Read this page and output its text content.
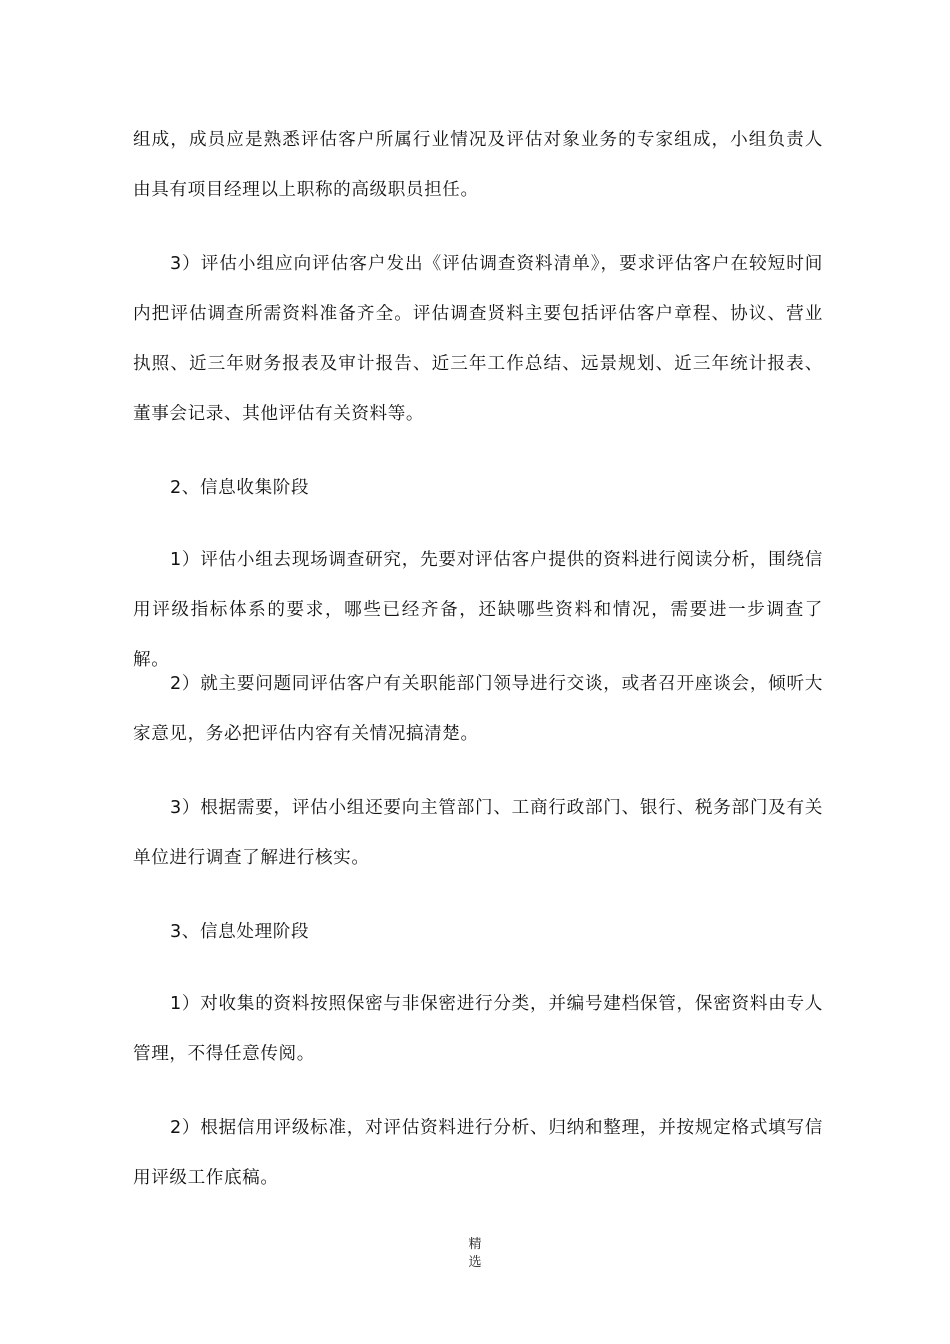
组成，成员应是熟悉评估客户所属行业情况及评估对象业务的专家组成，小组负责人由具有项目经理以上职称的高级职员担任。

3）评估小组应向评估客户发出《评估调查资料清单》，要求评估客户在较短时间内把评估调查所需资料准备齐全。评估调查贤料主要包括评估客户章程、协议、营业执照、近三年财务报表及审计报告、近三年工作总结、远景规划、近三年统计报表、董事会记录、其他评估有关资料等。

2、信息收集阶段

1）评估小组去现场调查研究，先要对评估客户提供的资料进行阅读分析，围绕信用评级指标体系的要求，哪些已经齐备，还缺哪些资料和情况，需要进一步调查了解。

2）就主要问题同评估客户有关职能部门领导进行交谈，或者召开座谈会，倾听大家意见，务必把评估内容有关情况搞清楚。

3）根据需要，评估小组还要向主管部门、工商行政部门、银行、税务部门及有关单位进行调查了解进行核实。

3、信息处理阶段

1）对收集的资料按照保密与非保密进行分类，并编号建档保管，保密资料由专人管理，不得任意传阅。

2）根据信用评级标准，对评估资料进行分析、归纳和整理，并按规定格式填写信用评级工作底稿。

精
选
